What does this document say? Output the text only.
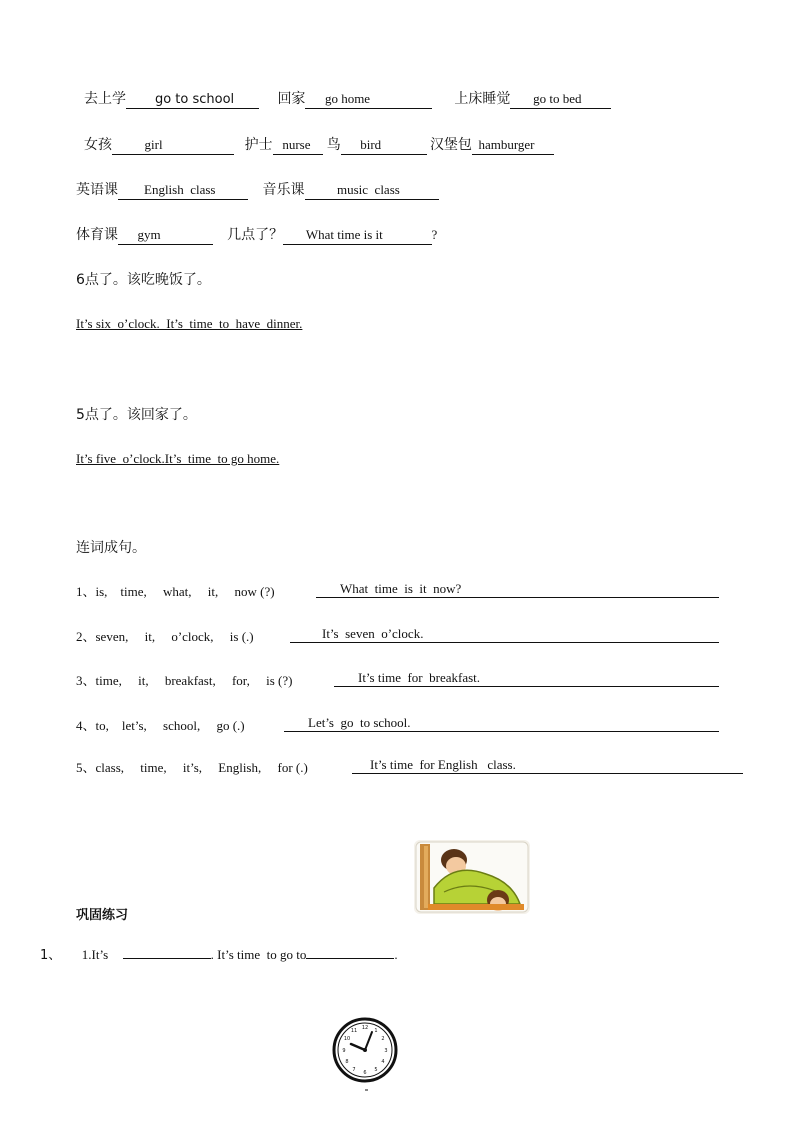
去上学 go to school	回家 go home	上床睡觉 go to bed
女孩	girl	护士 nurse 鸟 bird	汉堡包 hamburger
英语课 English  class	音乐课	music  class
体育课 gym	几点了？ What time is it	?
6点了。该吃晚饭了。
It’s six  o’clock.  It’s  time  to  have  dinner.
5点了。该回家了。
It’s five  o’clock.It’s  time  to go home.
连词成句。
1、is,    time,     what,     it,     now (?)	What  time  is  it  now?
2、seven,     it,     o’clock,     is (.)	It’s  seven  o’clock.
3、time,     it,     breakfast,     for,     is (?)	It’s time  for  breakfast.
4、to,    let’s,     school,     go (.)	Let’s  go  to school.
5、class,     time,     it’s,     English,     for (.)	It’s time  for English   class.
巩固练习
1、 1.It’s	. It’s time  to go to	.
12 1
2
3
4
5
6
7
8
9
10
11
